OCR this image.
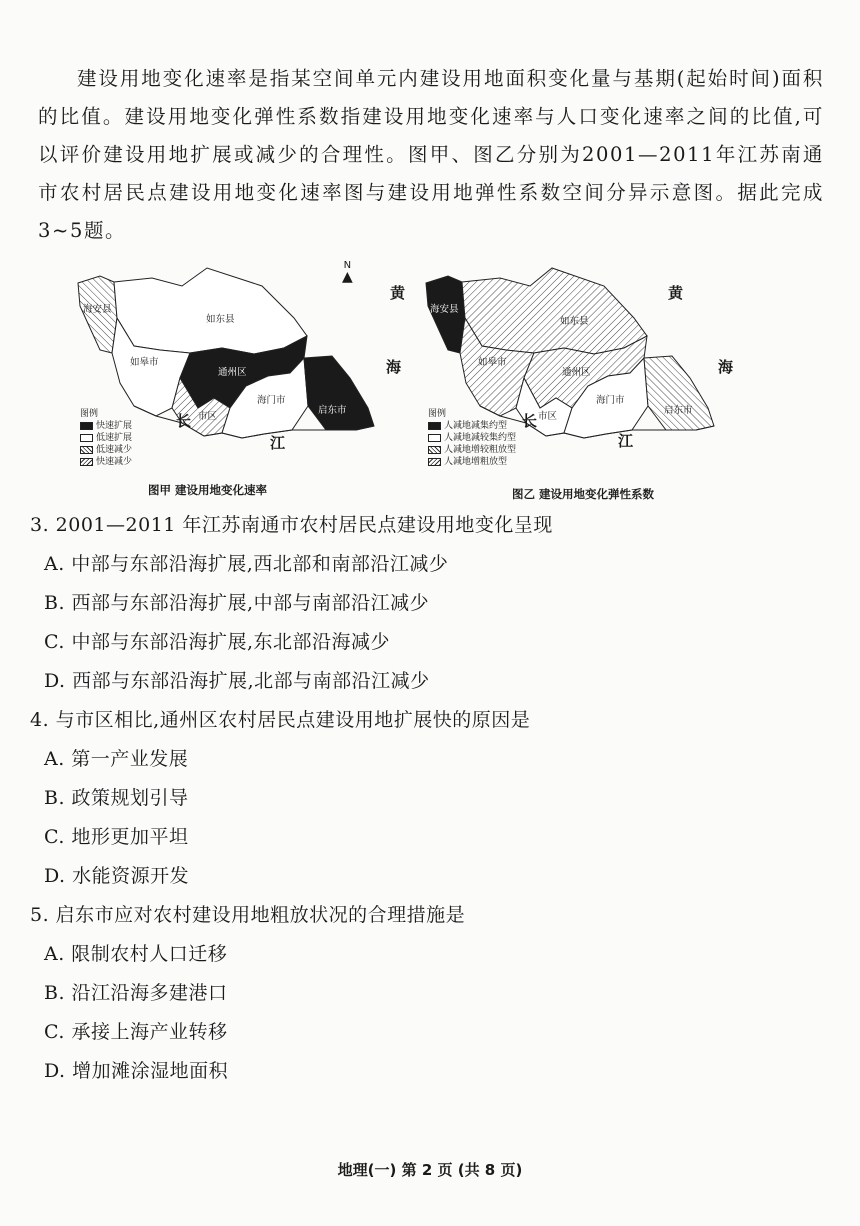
建设用地变化速率是指某空间单元内建设用地面积变化量与基期(起始时间)面积的比值。建设用地变化弹性系数指建设用地变化速率与人口变化速率之间的比值,可以评价建设用地扩展或减少的合理性。图甲、图乙分别为2001—2011年江苏南通市农村居民点建设用地变化速率图与建设用地弹性系数空间分异示意图。据此完成3~5题。

N
▲
黄
海
长
江
海安县
如东县
如皋市
通州区
海门市
启东市
市区
图例
快速扩展
低速扩展
低速减少
快速减少
图甲 建设用地变化速率
黄
海
长
江
海安县
如东县
如皋市
通州区
海门市
启东市
市区
图例
人减地减集约型
人减地减较集约型
人减地增较粗放型
人减地增粗放型
图乙 建设用地变化弹性系数
3. 2001—2011 年江苏南通市农村居民点建设用地变化呈现
A. 中部与东部沿海扩展,西北部和南部沿江减少
B. 西部与东部沿海扩展,中部与南部沿江减少
C. 中部与东部沿海扩展,东北部沿海减少
D. 西部与东部沿海扩展,北部与南部沿江减少
4. 与市区相比,通州区农村居民点建设用地扩展快的原因是
A. 第一产业发展
B. 政策规划引导
C. 地形更加平坦
D. 水能资源开发
5. 启东市应对农村建设用地粗放状况的合理措施是
A. 限制农村人口迁移
B. 沿江沿海多建港口
C. 承接上海产业转移
D. 增加滩涂湿地面积
地理(一) 第 2 页 (共 8 页)
